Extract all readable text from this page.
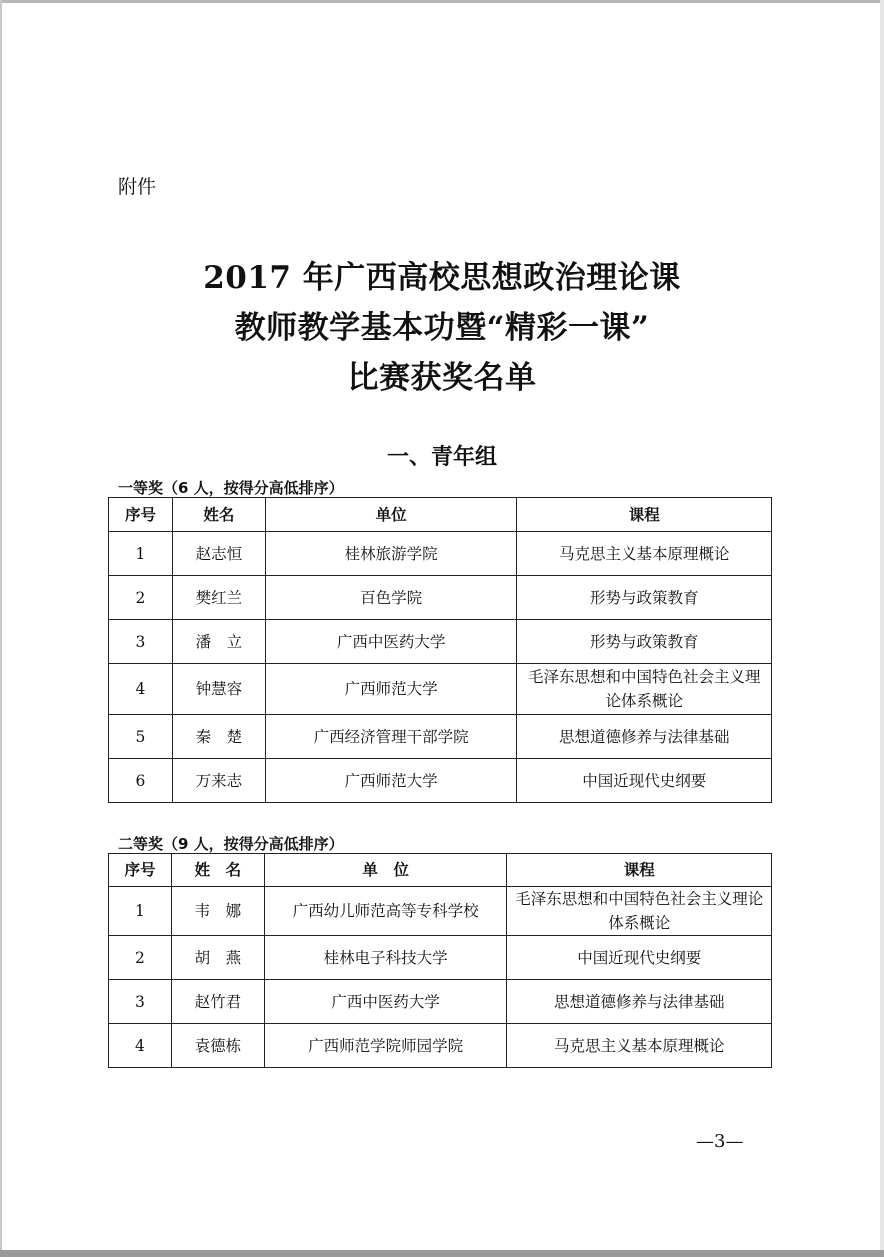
附件
2017 年广西高校思想政治理论课
教师教学基本功暨“精彩一课”
比赛获奖名单
一、青年组
一等奖（6 人，按得分高低排序）
序号	姓名	单位	课程
1	赵志恒	桂林旅游学院	马克思主义基本原理概论
2	樊红兰	百色学院	形势与政策教育
3	潘　立	广西中医药大学	形势与政策教育
4	钟慧容	广西师范大学	毛泽东思想和中国特色社会主义理论体系概论
5	秦　楚	广西经济管理干部学院	思想道德修养与法律基础
6	万来志	广西师范大学	中国近现代史纲要
二等奖（9 人，按得分高低排序）
序号	姓　名	单　位	课程
1	韦　娜	广西幼儿师范高等专科学校	毛泽东思想和中国特色社会主义理论体系概论
2	胡　燕	桂林电子科技大学	中国近现代史纲要
3	赵竹君	广西中医药大学	思想道德修养与法律基础
4	袁德栋	广西师范学院师园学院	马克思主义基本原理概论
—3—
